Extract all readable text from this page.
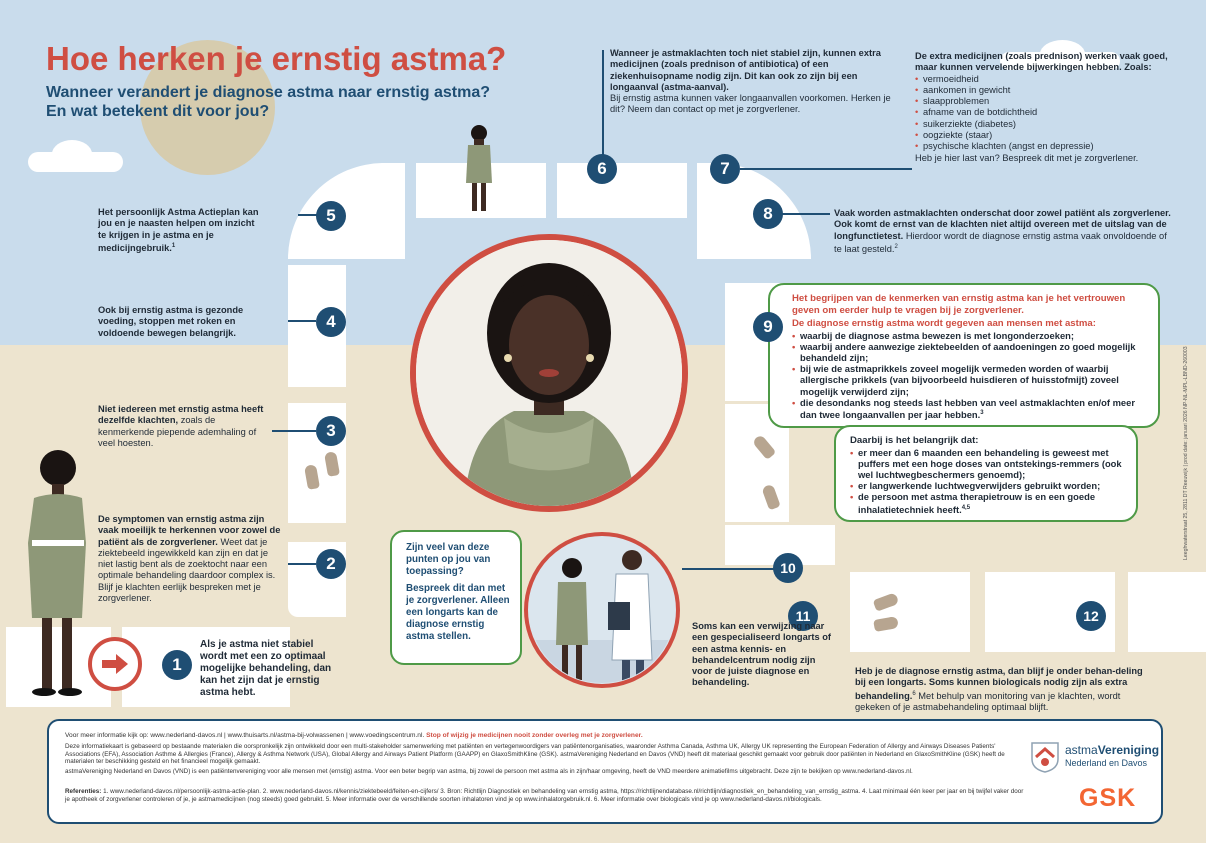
Hoe herken je ernstig astma?
Wanneer verandert je diagnose astma naar ernstig astma?
En wat betekent dit voor jou?
5
Het persoonlijk Astma Actieplan kan jou en je naasten helpen om inzicht te krijgen in je astma en je medicijngebruik.$^1$
4
Ook bij ernstig astma is gezonde voeding, stoppen met roken en voldoende bewegen belangrijk.
3
Niet iedereen met ernstig astma heeft dezelfde klachten, zoals de kenmerkende piepende ademhaling of veel hoesten.
2
De symptomen van ernstig astma zijn vaak moeilijk te herkennen voor zowel de patiënt als de zorgverlener. Weet dat je ziektebeeld ingewikkeld kan zijn en dat je niet lastig bent als de zoektocht naar een optimale behandeling daardoor complex is. Blijf je klachten eerlijk bespreken met je zorgverlener.
1
Als je astma niet stabiel wordt met een zo optimaal mogelijke behandeling, dan kan het zijn dat je ernstig astma hebt.
6
Wanneer je astmaklachten toch niet stabiel zijn, kunnen extra medicijnen (zoals prednison of antibiotica) of een ziekenhuisopname nodig zijn. Dit kan ook zo zijn bij een longaanval (astma-aanval).
Bij ernstig astma kunnen vaker longaanvallen voorkomen. Herken je dit? Neem dan contact op met je zorgverlener.
7
De extra medicijnen (zoals prednison) werken vaak goed, maar kunnen vervelende bijwerkingen hebben. Zoals:
• vermoeidheid
• aankomen in gewicht
• slaapproblemen
• afname van de botdichtheid
• suikerziekte (diabetes)
• oogziekte (staar)
• psychische klachten (angst en depressie)
Heb je hier last van? Bespreek dit met je zorgverlener.
8	Vaak worden astmaklachten onderschat door zowel patiënt als zorgverlener. Ook komt de ernst van de klachten niet altijd overeen met de uitslag van de longfunctietest. Hierdoor wordt de diagnose ernstig astma vaak onvoldoende of te laat gesteld.$^2$
Het begrijpen van de kenmerken van ernstig astma kan je het vertrouwen geven om eerder hulp te vragen bij je zorgverlener.
De diagnose ernstig astma wordt gegeven aan mensen met astma:
• waarbij de diagnose astma bewezen is met longonderzoeken;
• waarbij andere aanwezige ziektebeelden of aandoeningen zo goed mogelijk behandeld zijn;
• bij wie de astmaprikkels zoveel mogelijk vermeden worden of waarbij allergische prikkels (van bijvoorbeeld huisdieren of huisstofmijt) zoveel mogelijk verwijderd zijn;
• die desondanks nog steeds last hebben van veel astmaklachten en/of meer dan twee longaanvallen per jaar hebben.$^3$
9
Daarbij is het belangrijk dat:
• er meer dan 6 maanden een behandeling is geweest met puffers met een hoge doses van ontstekings-remmers (ook wel luchtwegbeschermers genoemd);
• er langwerkende luchtwegverwijders gebruikt worden;
• de persoon met astma therapietrouw is en een goede inhalatietechniek heeft.$^{4,5}$
Zijn veel van deze punten op jou van toepassing?
Bespreek dit dan met je zorgverlener. Alleen een longarts kan de diagnose ernstig astma stellen.
10
11
Soms kan een verwijzing naar een gespecialiseerd longarts of een astma kennis- en behandelcentrum nodig zijn voor de juiste diagnose en behandeling.
12
Heb je de diagnose ernstig astma, dan blijf je onder behan-deling bij een longarts. Soms kunnen biologicals nodig zijn als extra behandeling.$^6$ Met behulp van monitoring van je klachten, wordt gekeken of je astmabehandeling optimaal blijft.
Leeghwaterstraat 25, 2811 DT Reeuwijk | prod date: januari 2026 NP-NL-MPL-LBND-260003
Voor meer informatie kijk op: www.nederland-davos.nl | www.thuisarts.nl/astma-bij-volwassenen | www.voedingscentrum.nl. Stop of wijzig je medicijnen nooit zonder overleg met je zorgverlener.
Deze informatiekaart is gebaseerd op bestaande materialen die oorspronkelijk zijn ontwikkeld door een multi-stakeholder samenwerking met patiënten en vertegenwoordigers van patiëntenorganisaties, waaronder Asthma Canada, Asthma UK, Allergy UK representing the European Federation of Allergy and Airways Diseases Patients' Associations (EFA), Association Asthme & Allergies (France), Allergy & Asthma Network (USA), Global Allergy and Airways Patient Platform (GAAPP) en GlaxoSmithKline (GSK). astmaVereniging Nederland en Davos (VND) heeft dit materiaal geschikt gemaakt voor gebruik door patiënten in Nederland en GlaxoSmithKline (GSK) heeft de materialen ter beschikking gesteld en het financieel mogelijk gemaakt.
astmaVereniging Nederland en Davos (VND) is een patiëntenvereniging voor alle mensen met (ernstig) astma. Voor een beter begrip van astma, bij zowel de persoon met astma als in zijn/haar omgeving, heeft de VND meerdere animatiefilms uitgebracht. Deze zijn te bekijken op www.nederland-davos.nl.
Referenties: 1. www.nederland-davos.nl/persoonlijk-astma-actie-plan. 2. www.nederland-davos.nl/kennis/ziektebeeld/feiten-en-cijfers/ 3. Bron: Richtlijn Diagnostiek en behandeling van ernstig astma, https://richtlijnendatabase.nl/richtlijn/diagnostiek_en_behandeling_van_ernstig_astma. 4. Laat minimaal één keer per jaar en bij twijfel vaker door je apotheek of zorgverlener controleren of je, je astmamedicijnen (nog steeds) goed gebruikt. 5. Meer informatie over de verschillende soorten inhalatoren vind je op www.inhalatorgebruik.nl. 6. Meer informatie over biologicals vind je op www.nederland-davos.nl/biologicals.
astmaVereniging
Nederland en Davos
GSK
